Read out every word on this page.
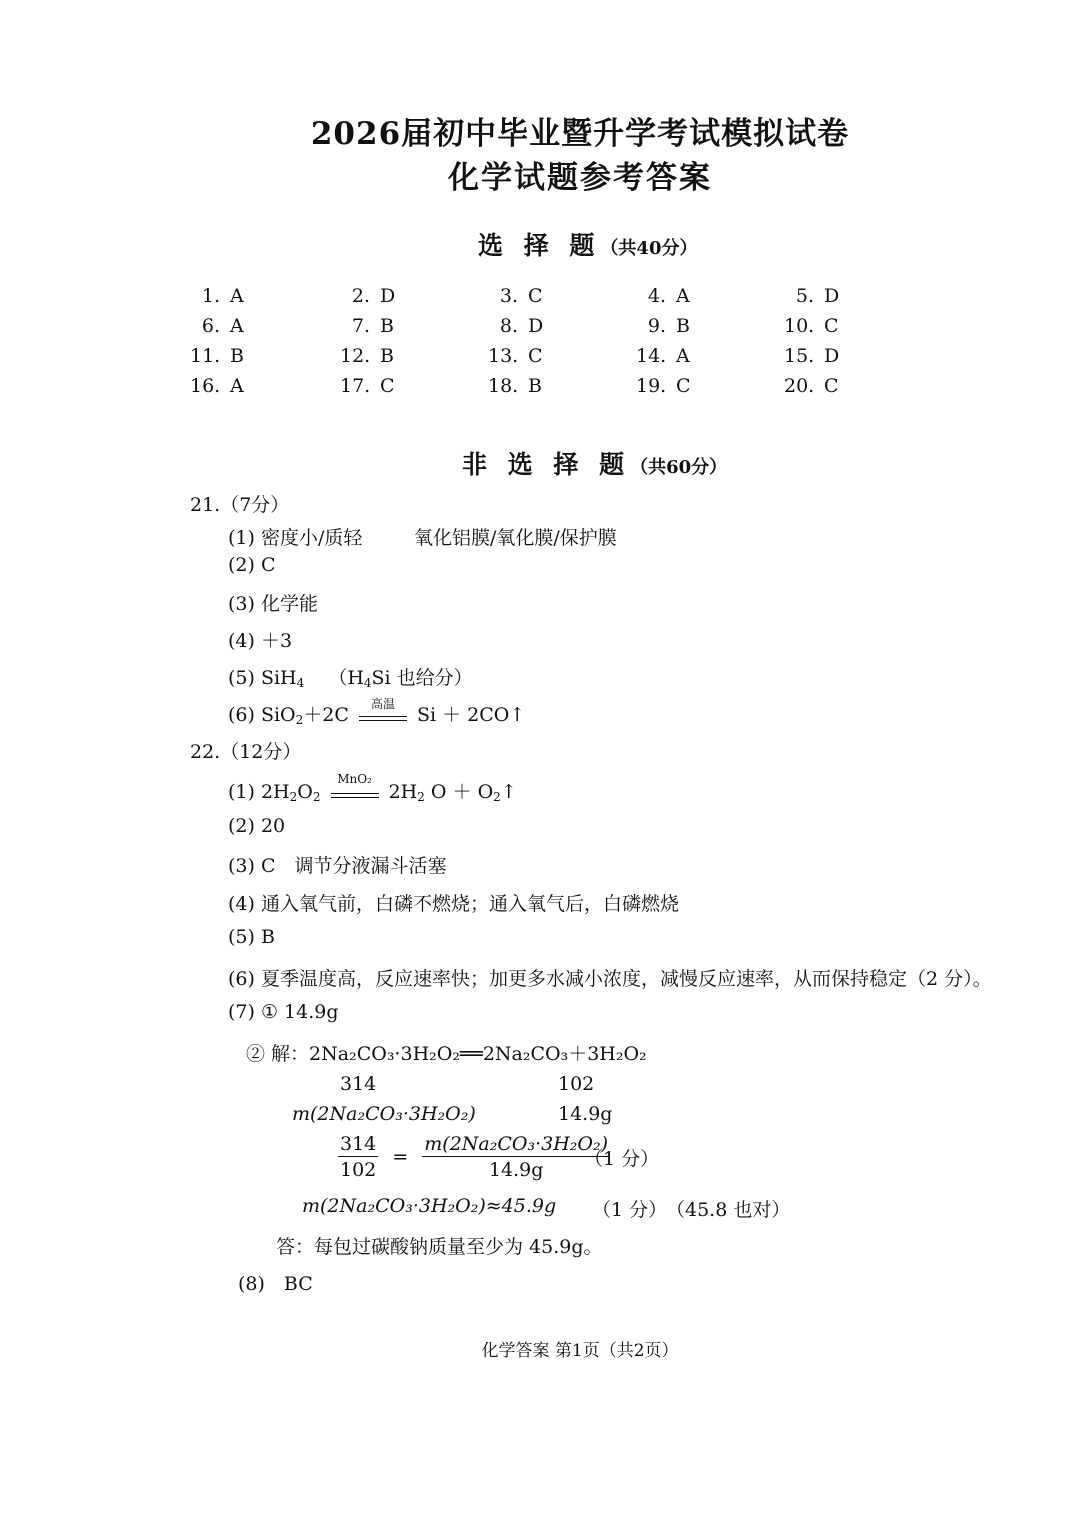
2026届初中毕业暨升学考试模拟试卷
化学试题参考答案
选 择 题（共40分）
1. A	2. D	3. C	4. A	5. D
6. A	7. B	8. D	9. B	10. C
11. B	12. B	13. C	14. A	15. D
16. A	17. C	18. B	19. C	20. C
非 选 择 题（共60分）
21.（7分）
(1) 密度小/质轻	氧化铝膜/氧化膜/保护膜
(2) C
(3) 化学能
(4) ＋3
(5) SiH$_4$ （$H_4Si$ 也给分）
(6) SiO$_2$＋2C	高温	Si ＋ 2CO↑
22.（12分）
(1) $2H_2O_2$
MnO₂
$2H_2$ $O + O_2↑$
(2) 20
(3) C　调节分液漏斗活塞
(4) 通入氧气前，白磷不燃烧；通入氧气后，白磷燃烧
(5) B
(6) 夏季温度高，反应速率快；加更多水减小浓度，减慢反应速率，从而保持稳定（2 分）。
(7) ① 14.9g
② 解：2Na₂CO₃·3H₂O₂══2Na₂CO₃＋3H₂O₂
314	102
m(2Na₂CO₃·3H₂O₂)	14.9g
$\frac{314}{102} = \frac{\text{m(2Na₂CO₃·3H₂O₂)}}{14.9g}$
（1 分）
m(2Na₂CO₃·3H₂O₂)≈45.9g （1 分）
（45.8 也对）
答：每包过碳酸钠质量至少为 45.9g。
(8)　BC
化学答案 第1页（共2页）
